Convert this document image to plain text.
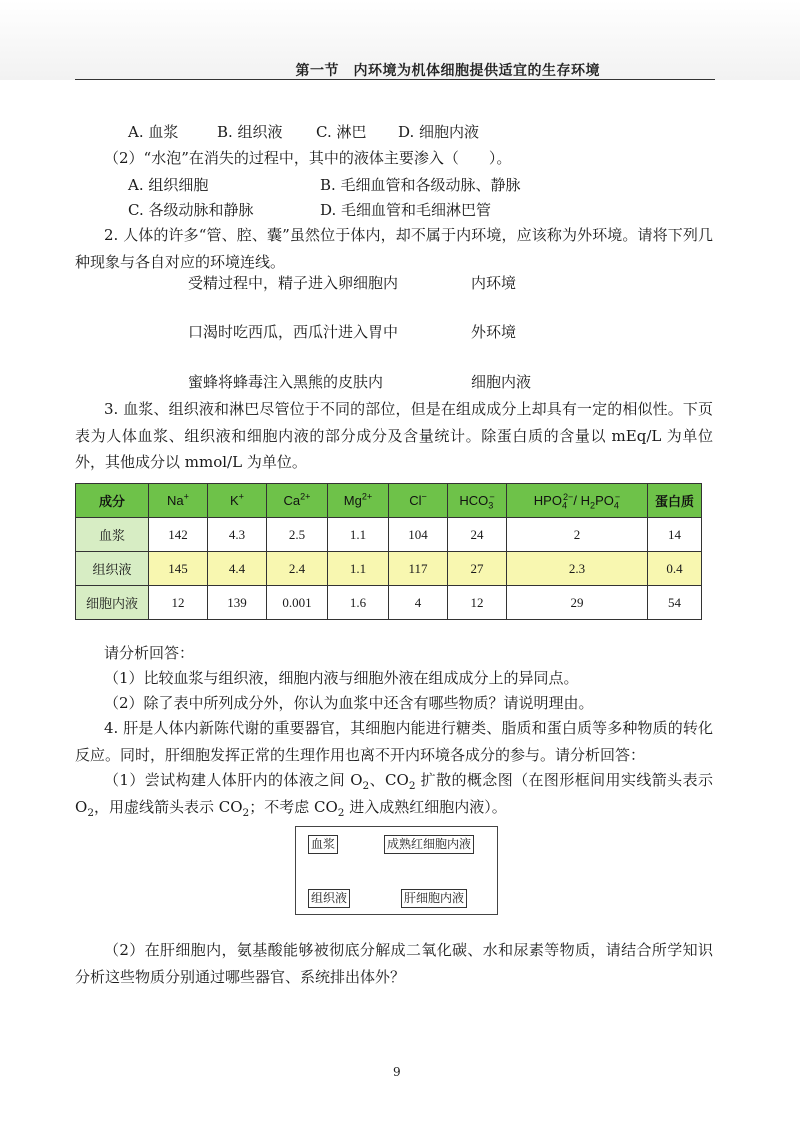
第一节　内环境为机体细胞提供适宜的生存环境
A. 血浆	B. 组织液 C. 淋巴 D. 细胞内液
（2）“水泡”在消失的过程中，其中的液体主要渗入（　　）。
A. 组织细胞	B. 毛细血管和各级动脉、静脉
C. 各级动脉和静脉	D. 毛细血管和毛细淋巴管
2. 人体的许多“管、腔、囊”虽然位于体内，却不属于内环境，应该称为外环境。请将下列几种现象与各自对应的环境连线。
受精过程中，精子进入卵细胞内	内环境
口渴时吃西瓜，西瓜汁进入胃中	外环境
蜜蜂将蜂毒注入黑熊的皮肤内	细胞内液
3. 血浆、组织液和淋巴尽管位于不同的部位，但是在组成成分上却具有一定的相似性。下页表为人体血浆、组织液和细胞内液的部分成分及含量统计。除蛋白质的含量以 mEq/L 为单位外，其他成分以 mmol/L 为单位。
成分	Na+	K+	$Ca^{2+}$	$Mg^{2+}$	Cl−	$HCO_3^-$	$HPO_4^{2-}/$ $H_2PO_4^-$	蛋白质
血浆	142	4.3	2.5	1.1	104	24	2	14
组织液	145	4.4	2.4	1.1	117	27	2.3	0.4
细胞内液	12	139	0.001	1.6	4	12	29	54
请分析回答：
（1）比较血浆与组织液，细胞内液与细胞外液在组成成分上的异同点。
（2）除了表中所列成分外，你认为血浆中还含有哪些物质？请说明理由。
4. 肝是人体内新陈代谢的重要器官，其细胞内能进行糖类、脂质和蛋白质等多种物质的转化反应。同时，肝细胞发挥正常的生理作用也离不开内环境各成分的参与。请分析回答：
（1）尝试构建人体肝内的体液之间 $O_2$、$CO_2$ 扩散的概念图（在图形框间用实线箭头表示 $O_2$，用虚线箭头表示 $CO_2$；不考虑 $CO_2$ 进入成熟红细胞内液）。
血浆	成熟红细胞内液
组织液	肝细胞内液
（2）在肝细胞内，氨基酸能够被彻底分解成二氧化碳、水和尿素等物质，请结合所学知识分析这些物质分别通过哪些器官、系统排出体外？
9
